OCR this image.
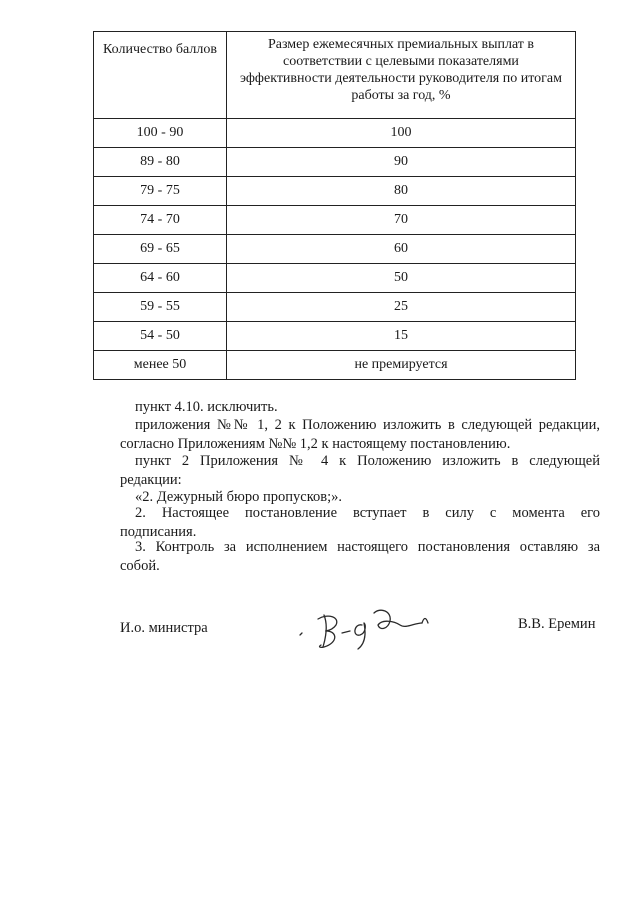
Количество баллов	Размер ежемесячных премиальных выплат в соответствии с целевыми показателями эффективности деятельности руководителя по итогам работы за год, %
100 - 90	100
89 - 80	90
79 - 75	80
74 - 70	70
69 - 65	60
64 - 60	50
59 - 55	25
54 - 50	15
менее 50	не премируется

пункт 4.10. исключить.

приложения №№ 1, 2 к Положению изложить в следующей редакции,

согласно Приложениям №№ 1,2 к настоящему постановлению.

пункт 2 Приложения № 4 к Положению изложить в следующей

редакции:

«2. Дежурный бюро пропусков;».

2. Настоящее постановление вступает в силу с момента его

подписания.

3. Контроль за исполнением настоящего постановления оставляю за

собой.

И.о. министра	В.В. Еремин
